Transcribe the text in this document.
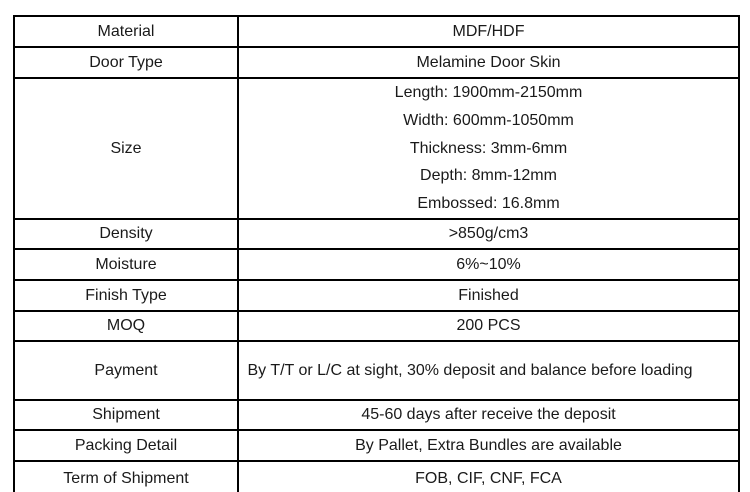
Material	MDF/HDF
Door Type	Melamine Door Skin
Size	Length: 1900mm-2150mm
Width: 600mm-1050mm
Thickness: 3mm-6mm
Depth: 8mm-12mm
Embossed: 16.8mm

Density	>850g/cm3
Moisture	6%~10%
Finish Type	Finished
MOQ	200 PCS
Payment	By T/T or L/C at sight, 30% deposit and balance before loading

Shipment	45-60 days after receive the deposit
Packing Detail	By Pallet, Extra Bundles are available
Term of Shipment	FOB, CIF, CNF, FCA
